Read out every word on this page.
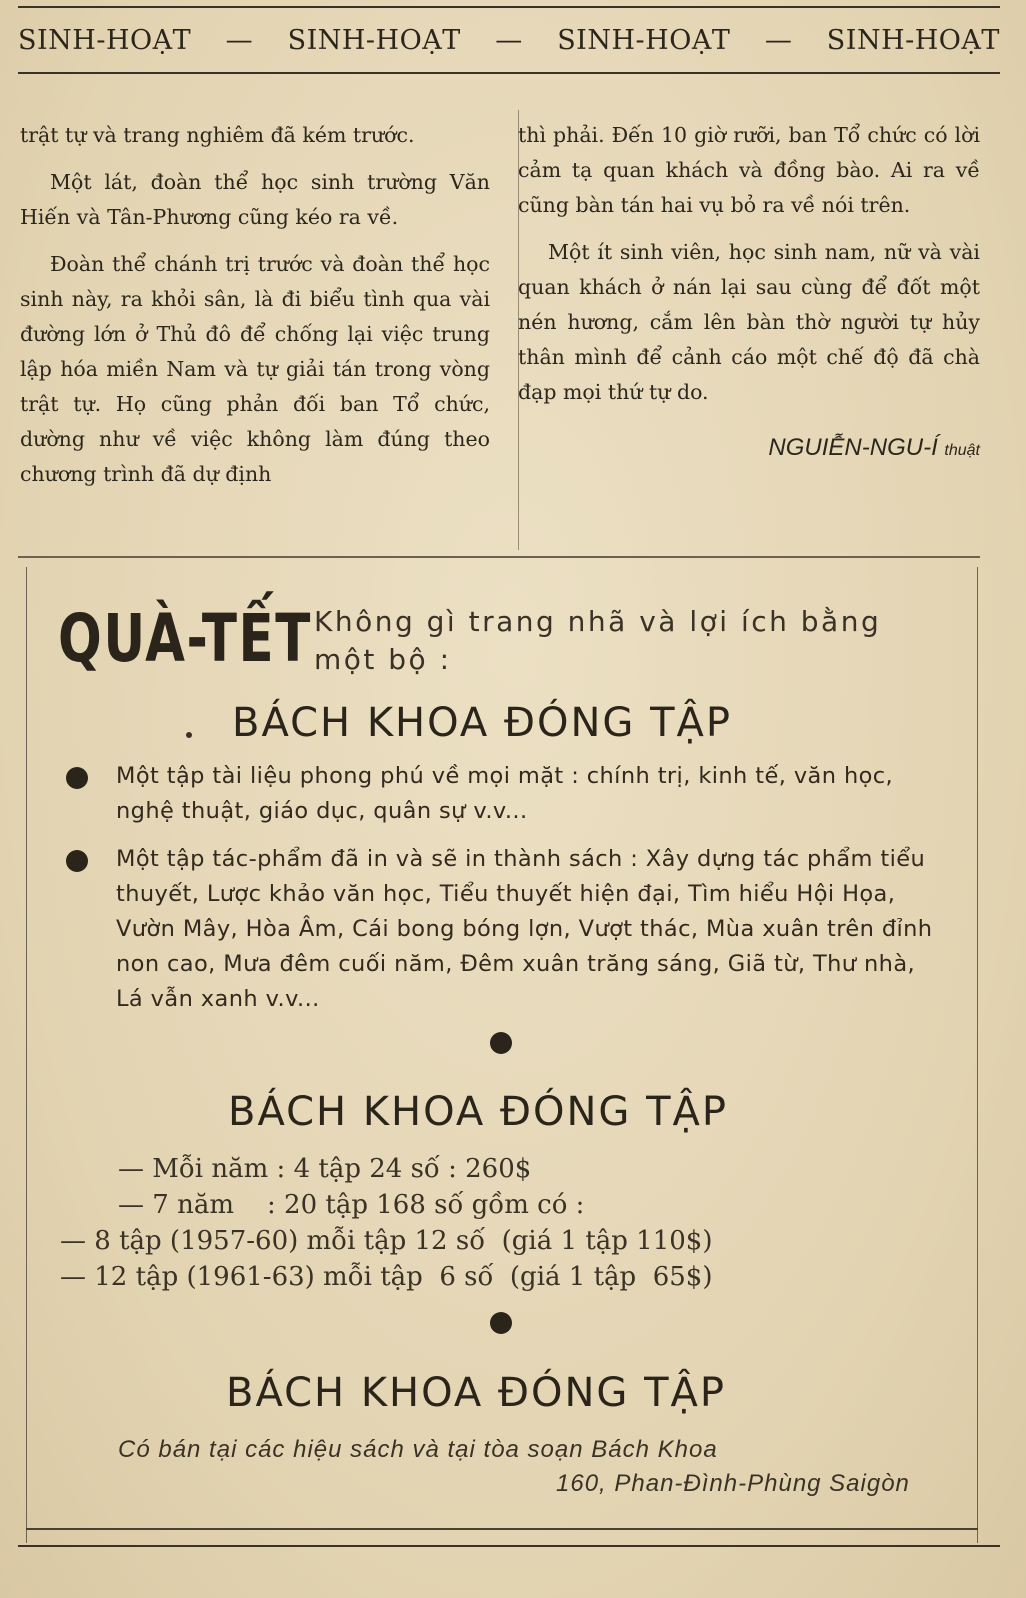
SINH-HOẠT — SINH-HOẠT — SINH-HOẠT — SINH-HOẠT

trật tự và trang nghiêm đã kém trước.

Một lát, đoàn thể học sinh trường Văn Hiến và Tân-Phương cũng kéo ra về.

Đoàn thể chánh trị trước và đoàn thể học sinh này, ra khỏi sân, là đi biểu tình qua vài đường lớn ở Thủ đô để chống lại việc trung lập hóa miền Nam và tự giải tán trong vòng trật tự. Họ cũng phản đối ban Tổ chức, dường như về việc không làm đúng theo chương trình đã dự định

thì phải. Đến 10 giờ rưỡi, ban Tổ chức có lời cảm tạ quan khách và đồng bào. Ai ra về cũng bàn tán hai vụ bỏ ra về nói trên.

Một ít sinh viên, học sinh nam, nữ và vài quan khách ở nán lại sau cùng để đốt một nén hương, cắm lên bàn thờ người tự hủy thân mình để cảnh cáo một chế độ đã chà đạp mọi thứ tự do.

NGUIỄN-NGU-Í thuật
QUÀ-TẾT Không gì trang nhã và lợi ích bằng một bộ :
BÁCH KHOA ĐÓNG TẬP
Một tập tài liệu phong phú về mọi mặt : chính trị, kinh tế, văn học, nghệ thuật, giáo dục, quân sự v.v...
Một tập tác-phẩm đã in và sẽ in thành sách : Xây dựng tác phẩm tiểu thuyết, Lược khảo văn học, Tiểu thuyết hiện đại, Tìm hiểu Hội Họa, Vườn Mây, Hòa Âm, Cái bong bóng lợn, Vượt thác, Mùa xuân trên đỉnh non cao, Mưa đêm cuối năm, Đêm xuân trăng sáng, Giã từ, Thư nhà, Lá vẫn xanh v.v...
BÁCH KHOA ĐÓNG TẬP
— Mỗi năm : 4 tập 24 số : 260$
— 7 năm    : 20 tập 168 số gồm có :
— 8 tập (1957-60) mỗi tập 12 số  (giá 1 tập 110$)
— 12 tập (1961-63) mỗi tập  6 số  (giá 1 tập  65$)
BÁCH KHOA ĐÓNG TẬP
Có bán tại các hiệu sách và tại tòa soạn Bách Khoa
160, Phan-Đình-Phùng Saigòn
